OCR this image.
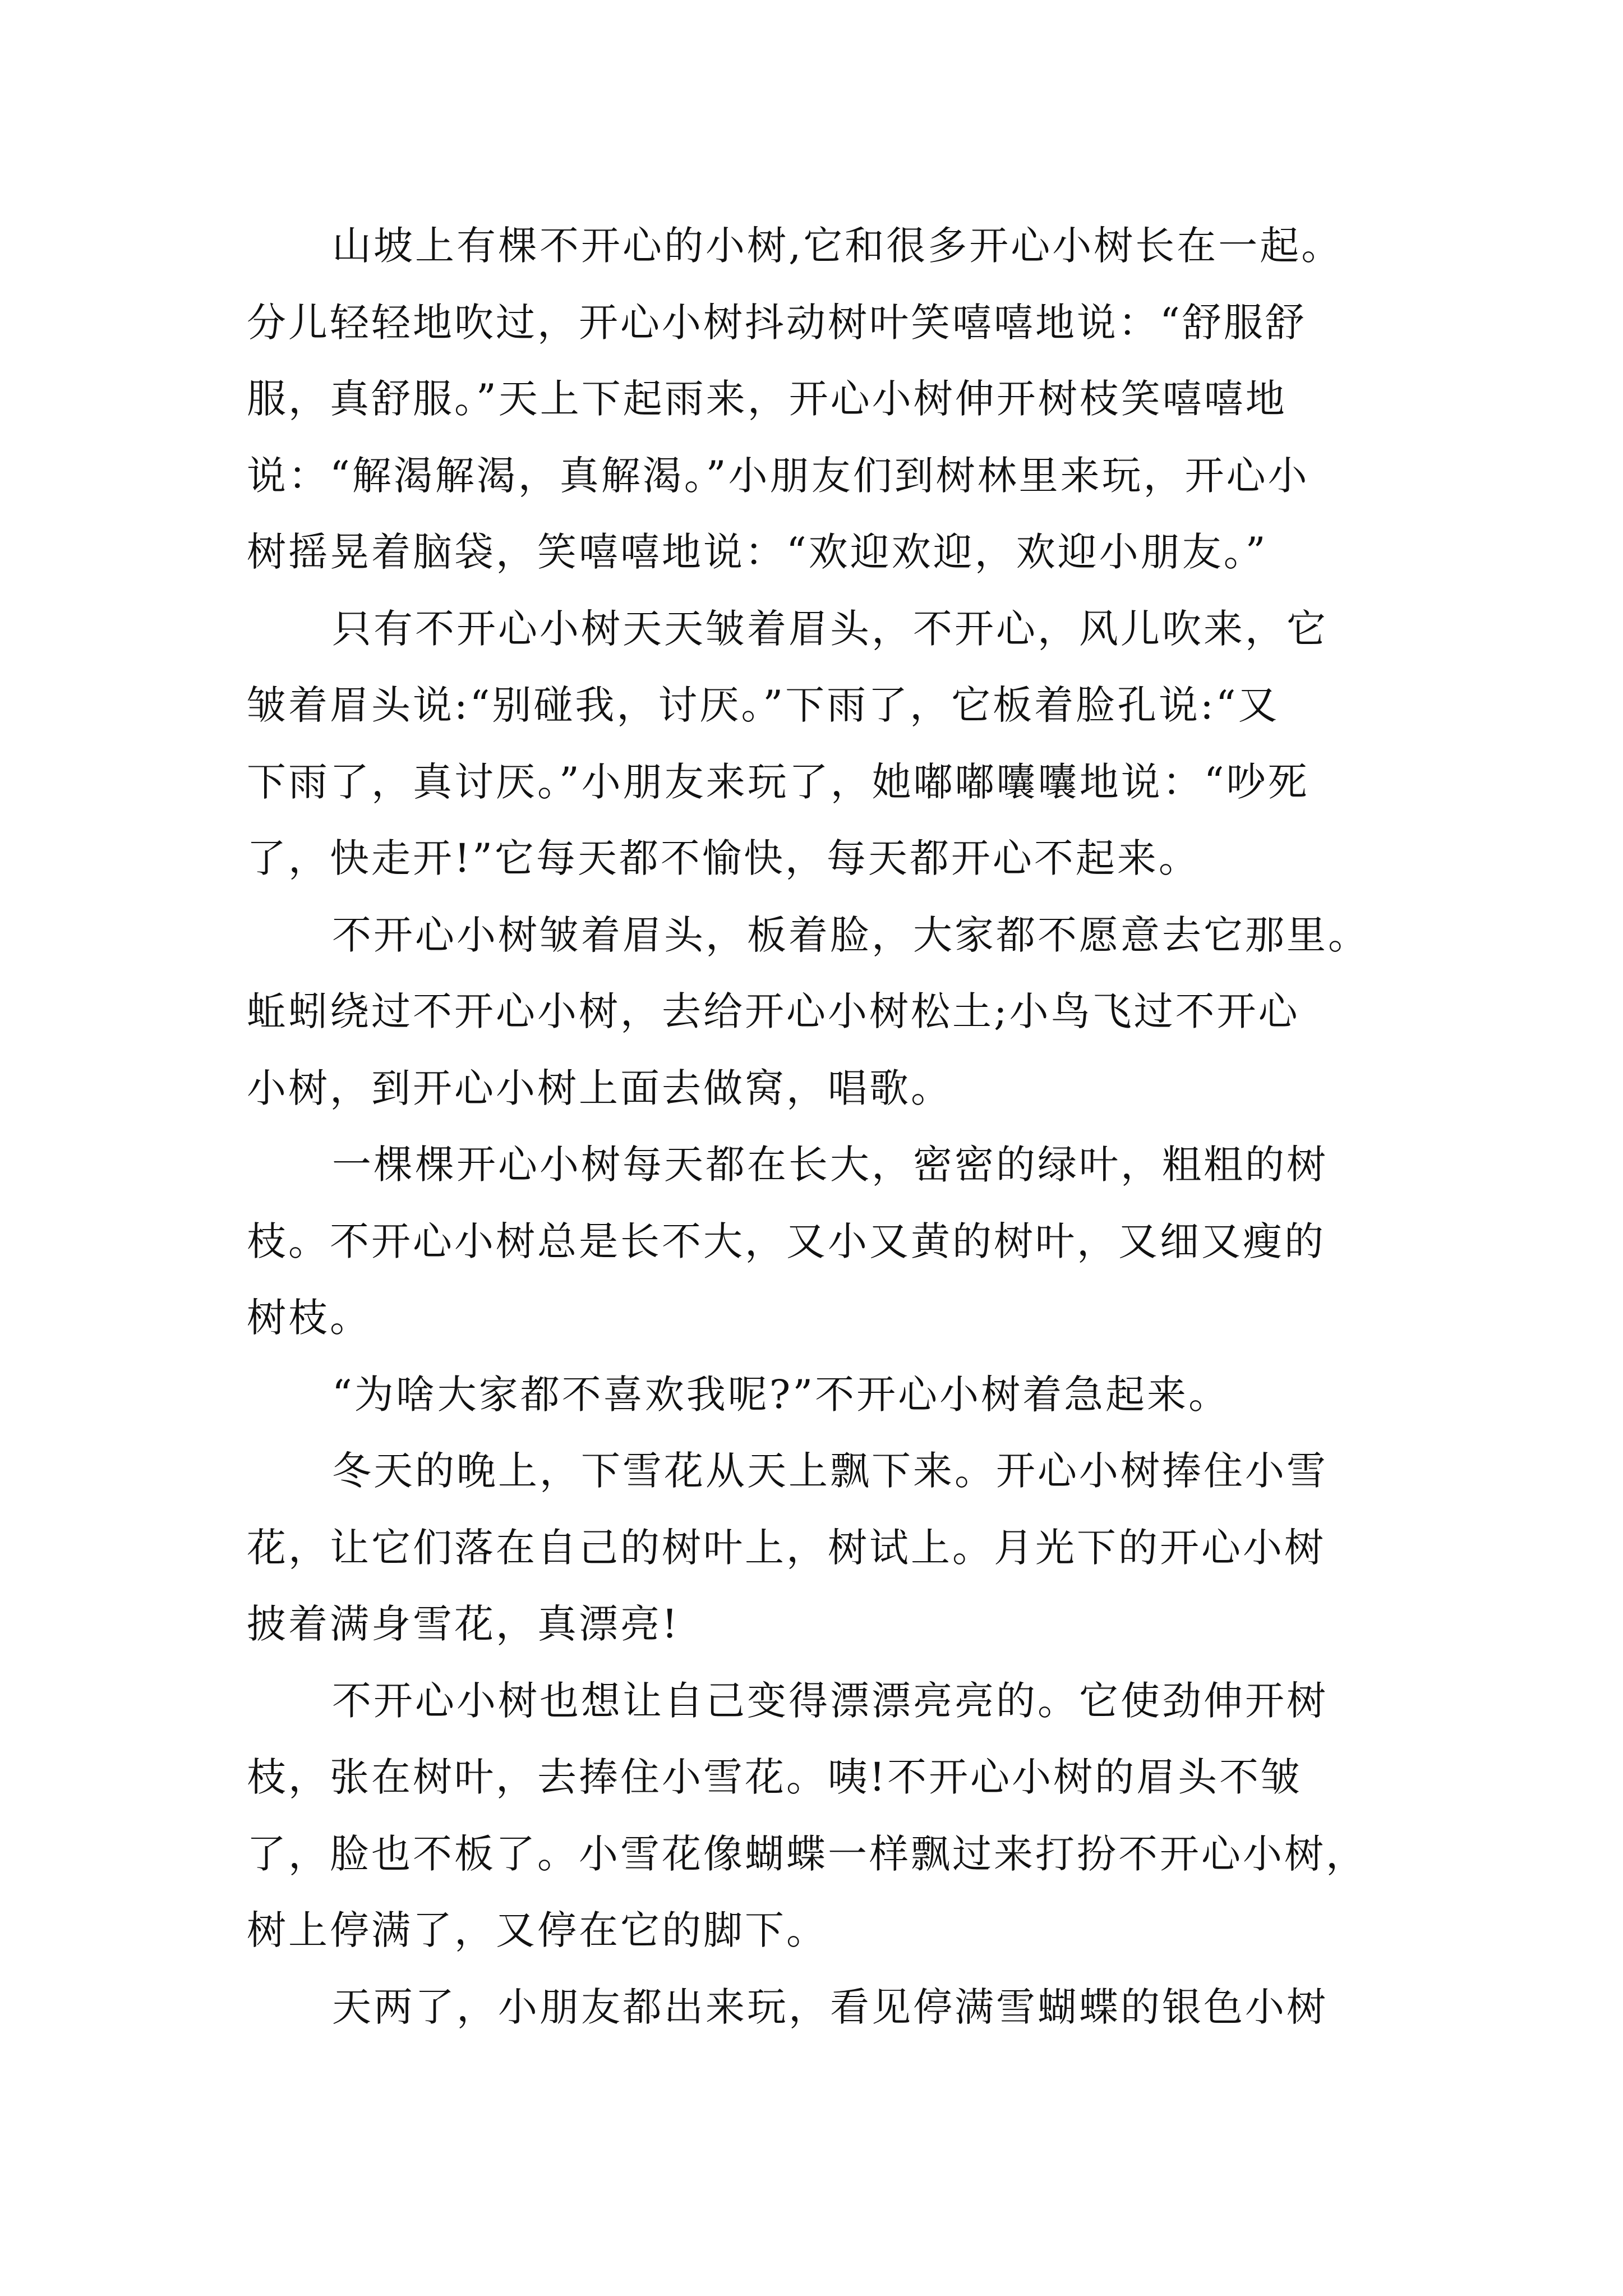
山坡上有棵不开心的小树,它和很多开心小树长在一起。
分儿轻轻地吹过，开心小树抖动树叶笑嘻嘻地说：“舒服舒
服，真舒服。”天上下起雨来，开心小树伸开树枝笑嘻嘻地
说：“解渴解渴，真解渴。”小朋友们到树林里来玩，开心小
树摇晃着脑袋，笑嘻嘻地说：“欢迎欢迎，欢迎小朋友。”
只有不开心小树天天皱着眉头，不开心，风儿吹来，它
皱着眉头说:“别碰我，讨厌。”下雨了，它板着脸孔说:“又
下雨了，真讨厌。”小朋友来玩了，她嘟嘟囔囔地说：“吵死
了，快走开!”它每天都不愉快，每天都开心不起来。
不开心小树皱着眉头，板着脸，大家都不愿意去它那里。
蚯蚓绕过不开心小树，去给开心小树松土;小鸟飞过不开心
小树，到开心小树上面去做窝，唱歌。
一棵棵开心小树每天都在长大，密密的绿叶，粗粗的树
枝。不开心小树总是长不大，又小又黄的树叶，又细又瘦的
树枝。
“为啥大家都不喜欢我呢?”不开心小树着急起来。
冬天的晚上，下雪花从天上飘下来。开心小树捧住小雪
花，让它们落在自己的树叶上，树试上。月光下的开心小树
披着满身雪花，真漂亮!
不开心小树也想让自己变得漂漂亮亮的。它使劲伸开树
枝，张在树叶，去捧住小雪花。咦!不开心小树的眉头不皱
了，脸也不板了。小雪花像蝴蝶一样飘过来打扮不开心小树，
树上停满了，又停在它的脚下。
天两了，小朋友都出来玩，看见停满雪蝴蝶的银色小树
